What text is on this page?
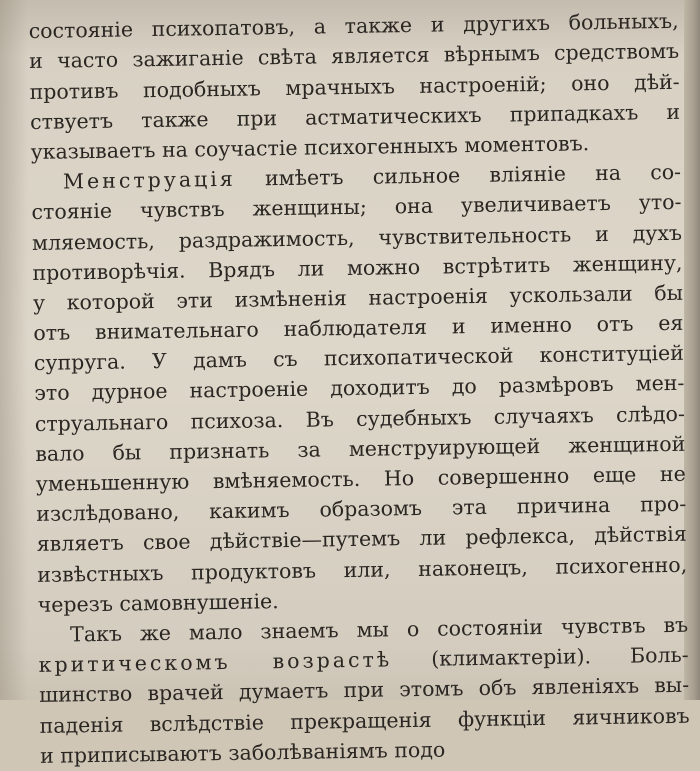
состояніе психопатовъ, а также и другихъ больныхъ,
и часто зажиганіе свѣта является вѣрнымъ средствомъ
противъ подобныхъ мрачныхъ настроеній; оно дѣй-
ствуетъ также при астматическихъ припадкахъ и
указываетъ на соучастіе психогенныхъ моментовъ.
Менструація имѣетъ сильное вліяніе на со-
стояніе чувствъ женщины; она увеличиваетъ уто-
мляемость, раздражимость, чувствительность и духъ
противорѣчія. Врядъ ли можно встрѣтить женщину,
у которой эти измѣненія настроенія ускользали бы
отъ внимательнаго наблюдателя и именно отъ ея
супруга. У дамъ съ психопатической конституціей
это дурное настроеніе доходитъ до размѣровъ мен-
струальнаго психоза. Въ судебныхъ случаяхъ слѣдо-
вало бы признать за менструирующей женщиной
уменьшенную вмѣняемость. Но совершенно еще не
изслѣдовано, какимъ образомъ эта причина про-
являетъ свое дѣйствіе—путемъ ли рефлекса, дѣйствія
извѣстныхъ продуктовъ или, наконецъ, психогенно,
черезъ самовнушеніе.
Такъ же мало знаемъ мы о состояніи чувствъ въ
критическомъ возрастѣ (климактеріи). Боль-
шинство врачей думаетъ при этомъ объ явленіяхъ вы-
паденія вслѣдствіе прекращенія функціи яичниковъ
и приписываютъ заболѣваніямъ подо
